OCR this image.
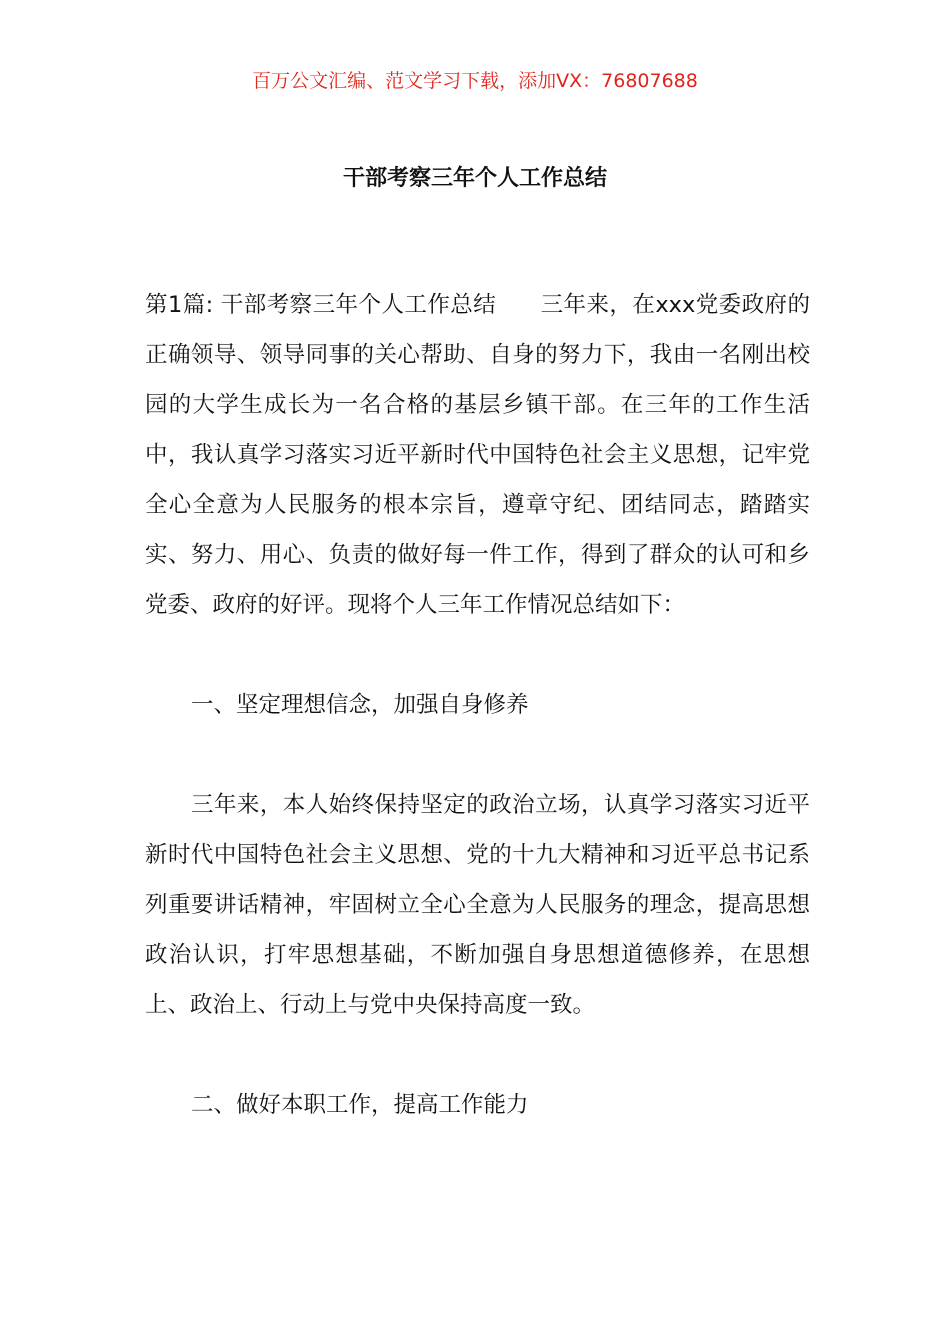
百万公文汇编、范文学习下载，添加VX：76807688
干部考察三年个人工作总结

第1篇: 干部考察三年个人工作总结 三年来，在xxx党委政府的正确领导、领导同事的关心帮助、自身的努力下，我由一名刚出校园的大学生成长为一名合格的基层乡镇干部。在三年的工作生活中，我认真学习落实习近平新时代中国特色社会主义思想，记牢党全心全意为人民服务的根本宗旨，遵章守纪、团结同志，踏踏实实、努力、用心、负责的做好每一件工作，得到了群众的认可和乡党委、政府的好评。现将个人三年工作情况总结如下：

一、坚定理想信念，加强自身修养

三年来，本人始终保持坚定的政治立场，认真学习落实习近平新时代中国特色社会主义思想、党的十九大精神和习近平总书记系列重要讲话精神，牢固树立全心全意为人民服务的理念，提高思想政治认识，打牢思想基础，不断加强自身思想道德修养，在思想上、政治上、行动上与党中央保持高度一致。

二、做好本职工作，提高工作能力
